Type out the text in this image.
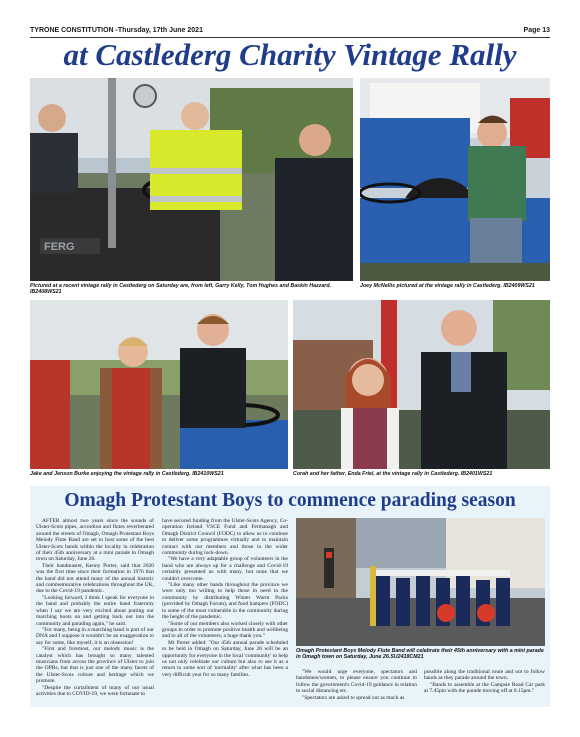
TYRONE CONSTITUTION -Thursday, 17th June 2021	Page 13
at Castlederg Charity Vintage Rally
FERG
Pictured at a recent vintage rally in Castlederg on Saturday are, from left, Garry Kelly, Tom Hughes and Baskin Hazzard. IB2408WS21
Joey McNellis pictured at the vintage rally in Castlederg. IB2409WS21
Jake and Jenson Burke enjoying the vintage rally in Castlederg. IB2410WS21	Corah and her father, Enda Friel, at the vintage rally in Castlederg. IB2401WS21
Omagh Protestant Boys to commence parading season

AFTER almost two years since the sounds of Ulster-Scots pipes, accordion and flutes reverberated around the streets of Omagh, Omagh Protestant Boys Melody Flute Band are set to host some of the best Ulster-Scots bands within the locality in celebration of their 45th anniversary at a mini parade in Omagh town on Saturday, June 26.

Their bandmaster, Kenny Porter, said that 2020 was the first time since their formation in 1976 that the band did not attend many of the annual historic and commemorative celebrations throughout the UK, due to the Covid-19 pandemic.

"Looking forward, I think I speak for everyone in the band and probably the entire band fraternity when I say we are very excited about putting our marching boots on and getting back out into the community and parading again," he said.

"For many, being in a marching band is part of our DNA and I suppose it wouldn't be an exaggeration to say for some, like myself, it is an obsession!

"First and foremost, our melody music is the catalyst which has brought so many talented musicians from across the province of Ulster to join the OPBs, but that is just one of the many facets of the Ulster-Scots culture and heritage which we promote.

"Despite the curtailment of many of our usual activities due to COVID-19, we were fortunate to

have secured funding from the Ulster-Scots Agency, Co-operation Ireland VSCE Fund and Fermanagh and Omagh District Council (FODC) to allow us to continue to deliver some programmes virtually and to maintain contact with our members and those in the wider community during lock-down.

"We have a very adaptable group of volunteers in the band who are always up for a challenge and Covid-19 certainly presented us with many, but none that we couldn't overcome.

"Like many other bands throughout the province we were only too willing to help those in need in the community by distributing Winter Warm Packs (provided by Omagh Forum), and food hampers (FODC) to some of the most vulnerable in the community during the height of the pandemic.

"Some of our members also worked closely with other groups in order to promote positive health and wellbeing and to all of the volunteers, a huge thank you."

Mr Porter added: "Our 45th annual parade scheduled to be held in Omagh on Saturday, June 26 will be an opportunity for everyone in the local 'community' to help us not only celebrate our culture but also to see it as a return to some sort of 'normality' after what has been a very difficult year for so many families.

Omagh Protestant Boys Melody Flute Band will celebrate their 45th anniversary with a mini parade in Omagh town on Saturday, June 26.SU2418CM21

"We would urge everyone, spectators and bandsmen/women, to please ensure you continue to follow the government's Covid-19 guidance in relation to social distancing etc.

"Spectators are asked to spread out as much as

possible along the traditional route and not to follow bands as they parade around the town.

"Bands to assemble at the Campsie Road Car park at 7.45pm with the parade moving off at 8.15pm."
